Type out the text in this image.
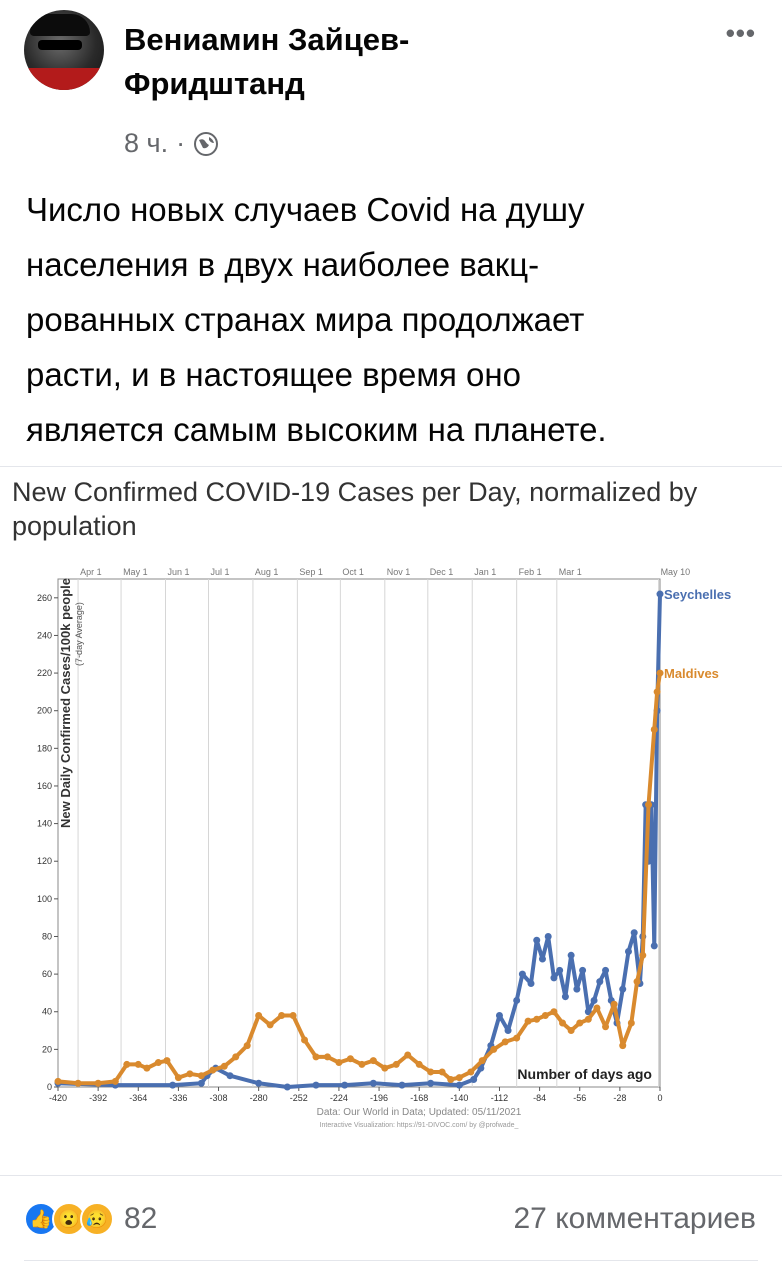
Вениамин Зайцев-
Фридштанд
8 ч. ·
•••
Число новых случаев Covid на душу
населения в двух наиболее вакц-
рованных странах мира продолжает
расти, и в настоящее время оно
является самым высоким на планете.
New Confirmed COVID-19 Cases per Day, normalized by population
Apr 1 May 1 Jun 1 Jul 1	Aug 1 Sep 1 Oct 1	Nov 1 Dec 1 Jan 1 Feb 1 Mar 1	May 10
0
20
40
60
80
100
120
140
160
180
200
220
240
260
-420 -392 -364 -336 -308 -280 -252 -224 -196 -168 -140 -112	-84	-56	-28	0
New Daily Confirmed Cases/100k people (7-day Average)
Number of days ago
Seychelles
Maldives
Data: Our World in Data; Updated: 05/11/2021
Interactive Visualization: https://91-DIVOC.com/ by @profwade_
👍 😮 😥 82	27 комментариев
